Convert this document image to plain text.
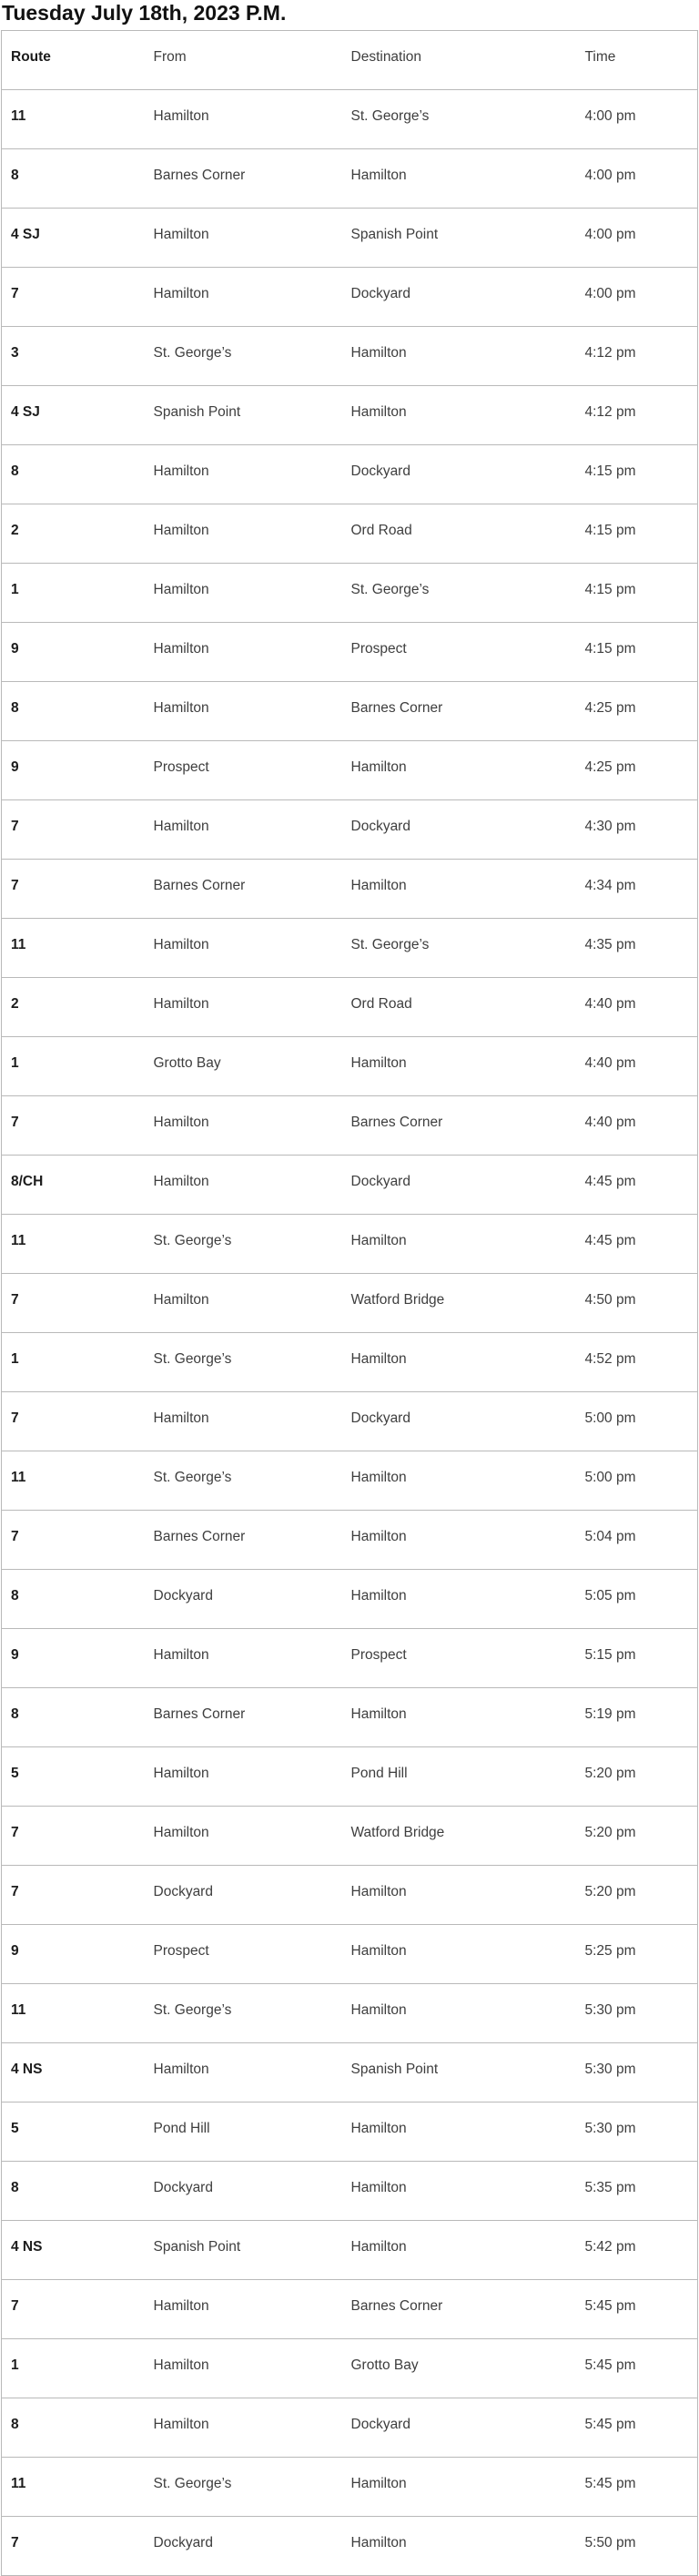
Tuesday July 18th, 2023 P.M.
Route	From	Destination	Time
11	Hamilton	St. George’s	4:00 pm
8	Barnes Corner	Hamilton	4:00 pm
4 SJ	Hamilton	Spanish Point	4:00 pm
7	Hamilton	Dockyard	4:00 pm
3	St. George’s	Hamilton	4:12 pm
4 SJ	Spanish Point	Hamilton	4:12 pm
8	Hamilton	Dockyard	4:15 pm
2	Hamilton	Ord Road	4:15 pm
1	Hamilton	St. George’s	4:15 pm
9	Hamilton	Prospect	4:15 pm
8	Hamilton	Barnes Corner	4:25 pm
9	Prospect	Hamilton	4:25 pm
7	Hamilton	Dockyard	4:30 pm
7	Barnes Corner	Hamilton	4:34 pm
11	Hamilton	St. George’s	4:35 pm
2	Hamilton	Ord Road	4:40 pm
1	Grotto Bay	Hamilton	4:40 pm
7	Hamilton	Barnes Corner	4:40 pm
8/CH	Hamilton	Dockyard	4:45 pm
11	St. George’s	Hamilton	4:45 pm
7	Hamilton	Watford Bridge	4:50 pm
1	St. George’s	Hamilton	4:52 pm
7	Hamilton	Dockyard	5:00 pm
11	St. George’s	Hamilton	5:00 pm
7	Barnes Corner	Hamilton	5:04 pm
8	Dockyard	Hamilton	5:05 pm
9	Hamilton	Prospect	5:15 pm
8	Barnes Corner	Hamilton	5:19 pm
5	Hamilton	Pond Hill	5:20 pm
7	Hamilton	Watford Bridge	5:20 pm
7	Dockyard	Hamilton	5:20 pm
9	Prospect	Hamilton	5:25 pm
11	St. George’s	Hamilton	5:30 pm
4 NS	Hamilton	Spanish Point	5:30 pm
5	Pond Hill	Hamilton	5:30 pm
8	Dockyard	Hamilton	5:35 pm
4 NS	Spanish Point	Hamilton	5:42 pm
7	Hamilton	Barnes Corner	5:45 pm
1	Hamilton	Grotto Bay	5:45 pm
8	Hamilton	Dockyard	5:45 pm
11	St. George’s	Hamilton	5:45 pm
7	Dockyard	Hamilton	5:50 pm
